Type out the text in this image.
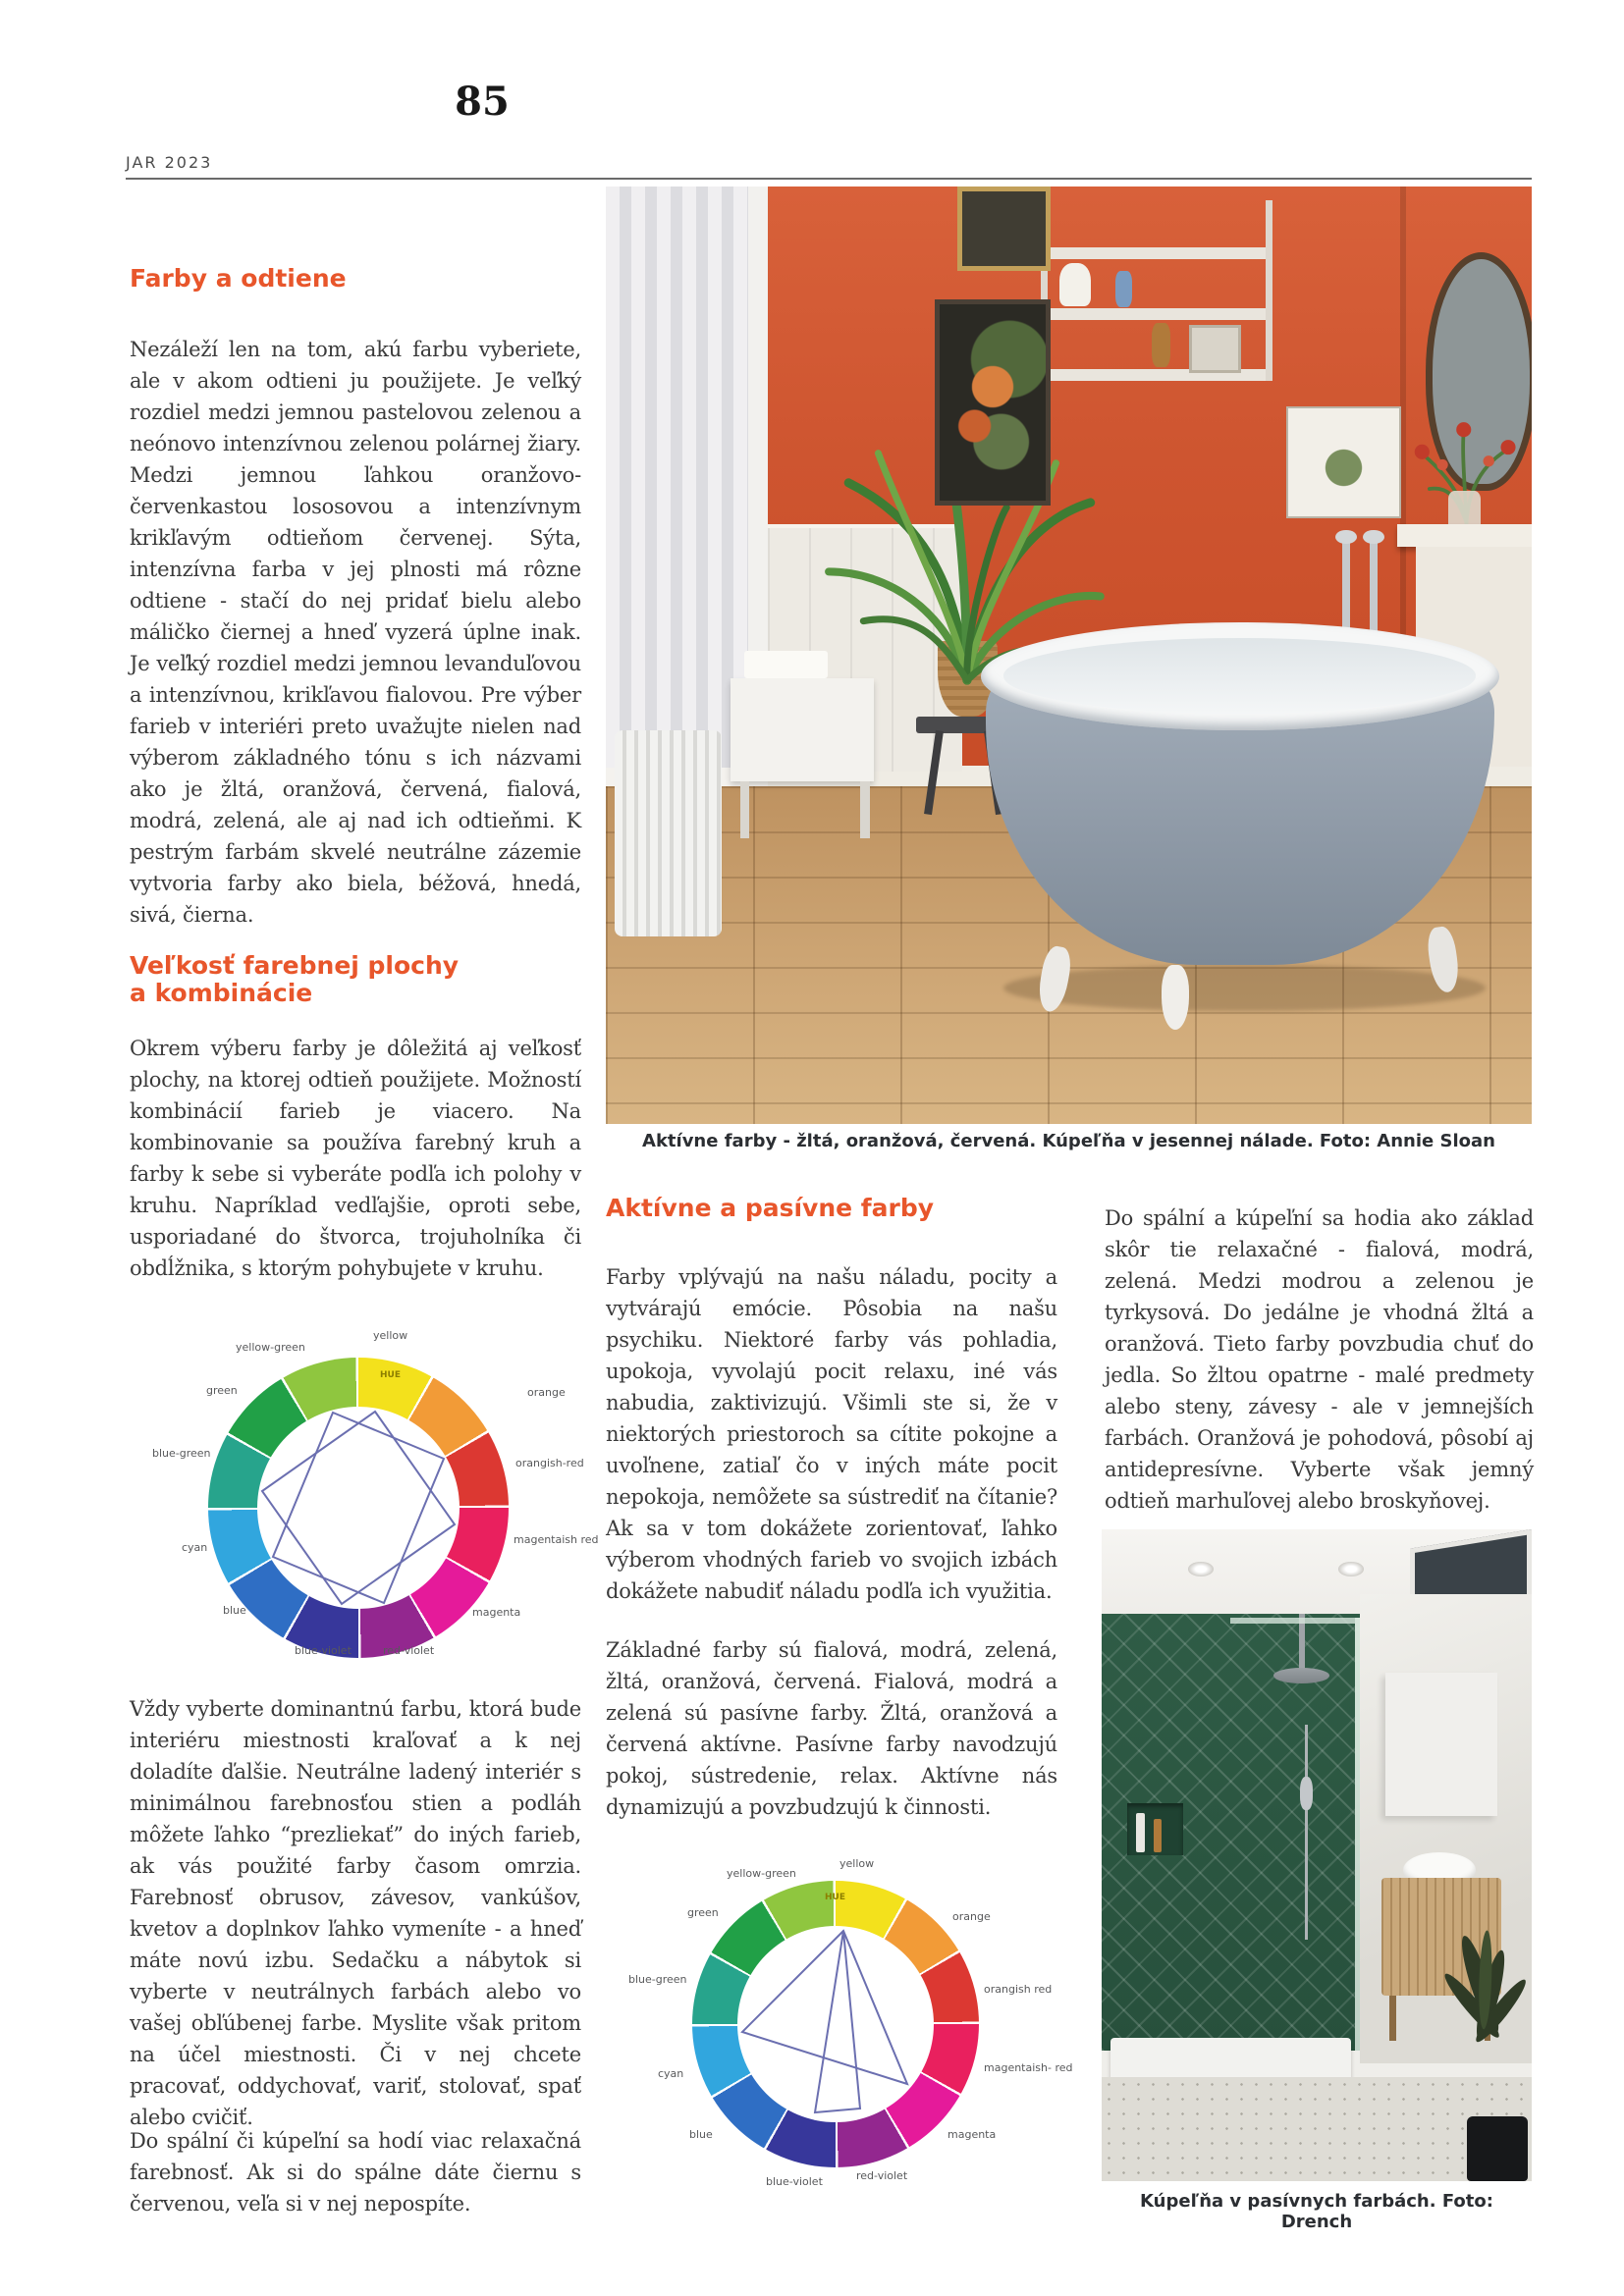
85
JAR 2023
Farby a odtiene

Nezáleží len na tom, akú farbu vyberiete, ale v akom odtieni ju použijete. Je veľký rozdiel medzi jemnou pastelovou zelenou a neónovo intenzívnou zelenou polárnej žiary. Medzi jemnou ľahkou oranžovo-červenkastou lososovou a intenzívnym krikľavým odtieňom červenej. Sýta, intenzívna farba v jej plnosti má rôzne odtiene - stačí do nej pridať bielu alebo máličko čiernej a hneď vyzerá úplne inak. Je veľký rozdiel medzi jemnou levanduľovou a intenzívnou, krikľavou fialovou. Pre výber farieb v interiéri preto uvažujte nielen nad výberom základného tónu s ich názvami ako je žltá, oranžová, červená, fialová, modrá, zelená, ale aj nad ich odtieňmi. K pestrým farbám skvelé neutrálne zázemie vytvoria farby ako biela, béžová, hnedá, sivá, čierna.

Veľkosť farebnej plochy
a kombinácie

Okrem výberu farby je dôležitá aj veľkosť plochy, na ktorej odtieň použijete. Možností kombinácií farieb je viacero. Na kombinovanie sa používa farebný kruh a farby k sebe si vyberáte podľa ich polohy v kruhu. Napríklad vedľajšie, oproti sebe, usporiadané do štvorca, trojuholníka či obdĺžnika, s ktorým pohybujete v kruhu.

HUE
yellow
yellow-green
green
blue-green
cyan
blue
blue-violet	red-violet
magenta
magentaish red
orangish-red
orange

Vždy vyberte dominantnú farbu, ktorá bude interiéru miestnosti kraľovať a k nej doladíte ďalšie. Neutrálne ladený interiér s minimálnou farebnosťou stien a podláh môžete ľahko “prezliekať” do iných farieb, ak vás použité farby časom omrzia. Farebnosť obrusov, závesov, vankúšov, kvetov a doplnkov ľahko vymeníte - a hneď máte novú izbu. Sedačku a nábytok si vyberte v neutrálnych farbách alebo vo vašej obľúbenej farbe. Myslite však pritom na účel miestnosti. Či v nej chcete pracovať, oddychovať, variť, stolovať, spať alebo cvičiť.

Do spální či kúpeľní sa hodí viac relaxačná farebnosť. Ak si do spálne dáte čiernu s červenou, veľa si v nej nepospíte.

Aktívne farby - žltá, oranžová, červená. Kúpeľňa v jesennej nálade. Foto: Annie Sloan
Aktívne a pasívne farby

Farby vplývajú na našu náladu, pocity a vytvárajú emócie. Pôsobia na našu psychiku. Niektoré farby vás pohladia, upokoja, vyvolajú pocit relaxu, iné vás nabudia, zaktivizujú. Všimli ste si, že v niektorých priestoroch sa cítite pokojne a uvoľnene, zatiaľ čo v iných máte pocit nepokoja, nemôžete sa sústrediť na čítanie? Ak sa v tom dokážete zorientovať, ľahko výberom vhodných farieb vo svojich izbách dokážete nabudiť náladu podľa ich využitia.

Základné farby sú fialová, modrá, zelená, žltá, oranžová, červená. Fialová, modrá a zelená sú pasívne farby. Žltá, oranžová a červená aktívne. Pasívne farby navodzujú pokoj, sústredenie, relax. Aktívne nás dynamizujú a povzbudzujú k činnosti.

HUE
yellow
yellow-green
green
blue-green
cyan
blue
blue-violet	red-violet
magenta
magentaish- red
orangish red
orange

Do spální a kúpeľní sa hodia ako základ skôr tie relaxačné - fialová, modrá, zelená. Medzi modrou a zelenou je tyrkysová. Do jedálne je vhodná žltá a oranžová. Tieto farby povzbudia chuť do jedla. So žltou opatrne - malé predmety alebo steny, závesy - ale v jemnejších farbách. Oranžová je pohodová, pôsobí aj antidepresívne. Vyberte však jemný odtieň marhuľovej alebo broskyňovej.

Kúpeľňa v pasívnych farbách. Foto: Drench
